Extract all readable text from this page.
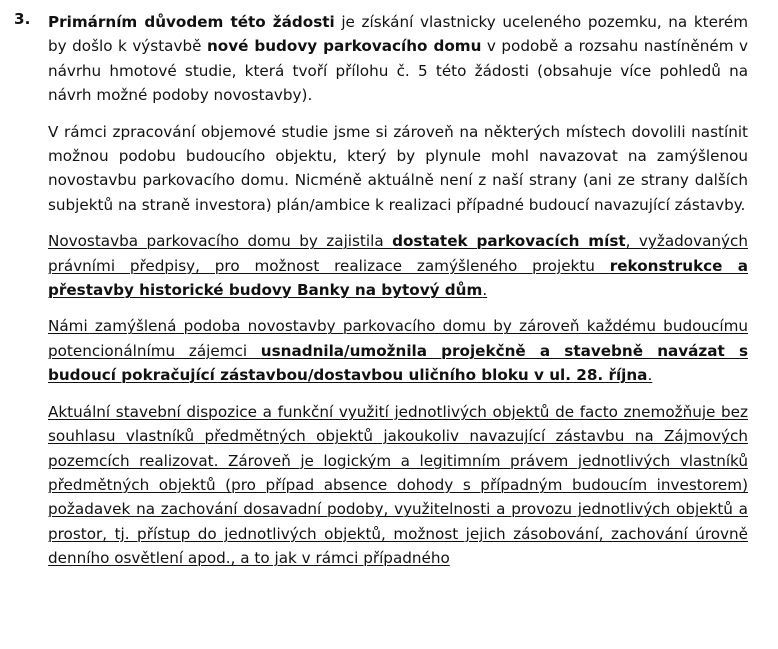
3.	Primárním důvodem této žádosti je získání vlastnicky uceleného pozemku, na kterém by došlo k výstavbě nové budovy parkovacího domu v podobě a rozsahu nastíněném v návrhu hmotové studie, která tvoří přílohu č. 5 této žádosti (obsahuje více pohledů na návrh možné podoby novostavby).

V rámci zpracování objemové studie jsme si zároveň na některých místech dovolili nastínit možnou podobu budoucího objektu, který by plynule mohl navazovat na zamýšlenou novostavbu parkovacího domu. Nicméně aktuálně není z naší strany (ani ze strany dalších subjektů na straně investora) plán/ambice k realizaci případné budoucí navazující zástavby.

Novostavba parkovacího domu by zajistila dostatek parkovacích míst, vyžadovaných právními předpisy, pro možnost realizace zamýšleného projektu rekonstrukce a přestavby historické budovy Banky na bytový dům.

Námi zamýšlená podoba novostavby parkovacího domu by zároveň každému budoucímu potencionálnímu zájemci usnadnila/umožnila projekčně a stavebně navázat s budoucí pokračující zástavbou/dostavbou uličního bloku v ul. 28. října.

Aktuální stavební dispozice a funkční využití jednotlivých objektů de facto znemožňuje bez souhlasu vlastníků předmětných objektů jakoukoliv navazující zástavbu na Zájmových pozemcích realizovat. Zároveň je logickým a legitimním právem jednotlivých vlastníků předmětných objektů (pro případ absence dohody s případným budoucím investorem) požadavek na zachování dosavadní podoby, využitelnosti a provozu jednotlivých objektů a prostor, tj. přístup do jednotlivých objektů, možnost jejich zásobování, zachování úrovně denního osvětlení apod., a to jak v rámci případného
